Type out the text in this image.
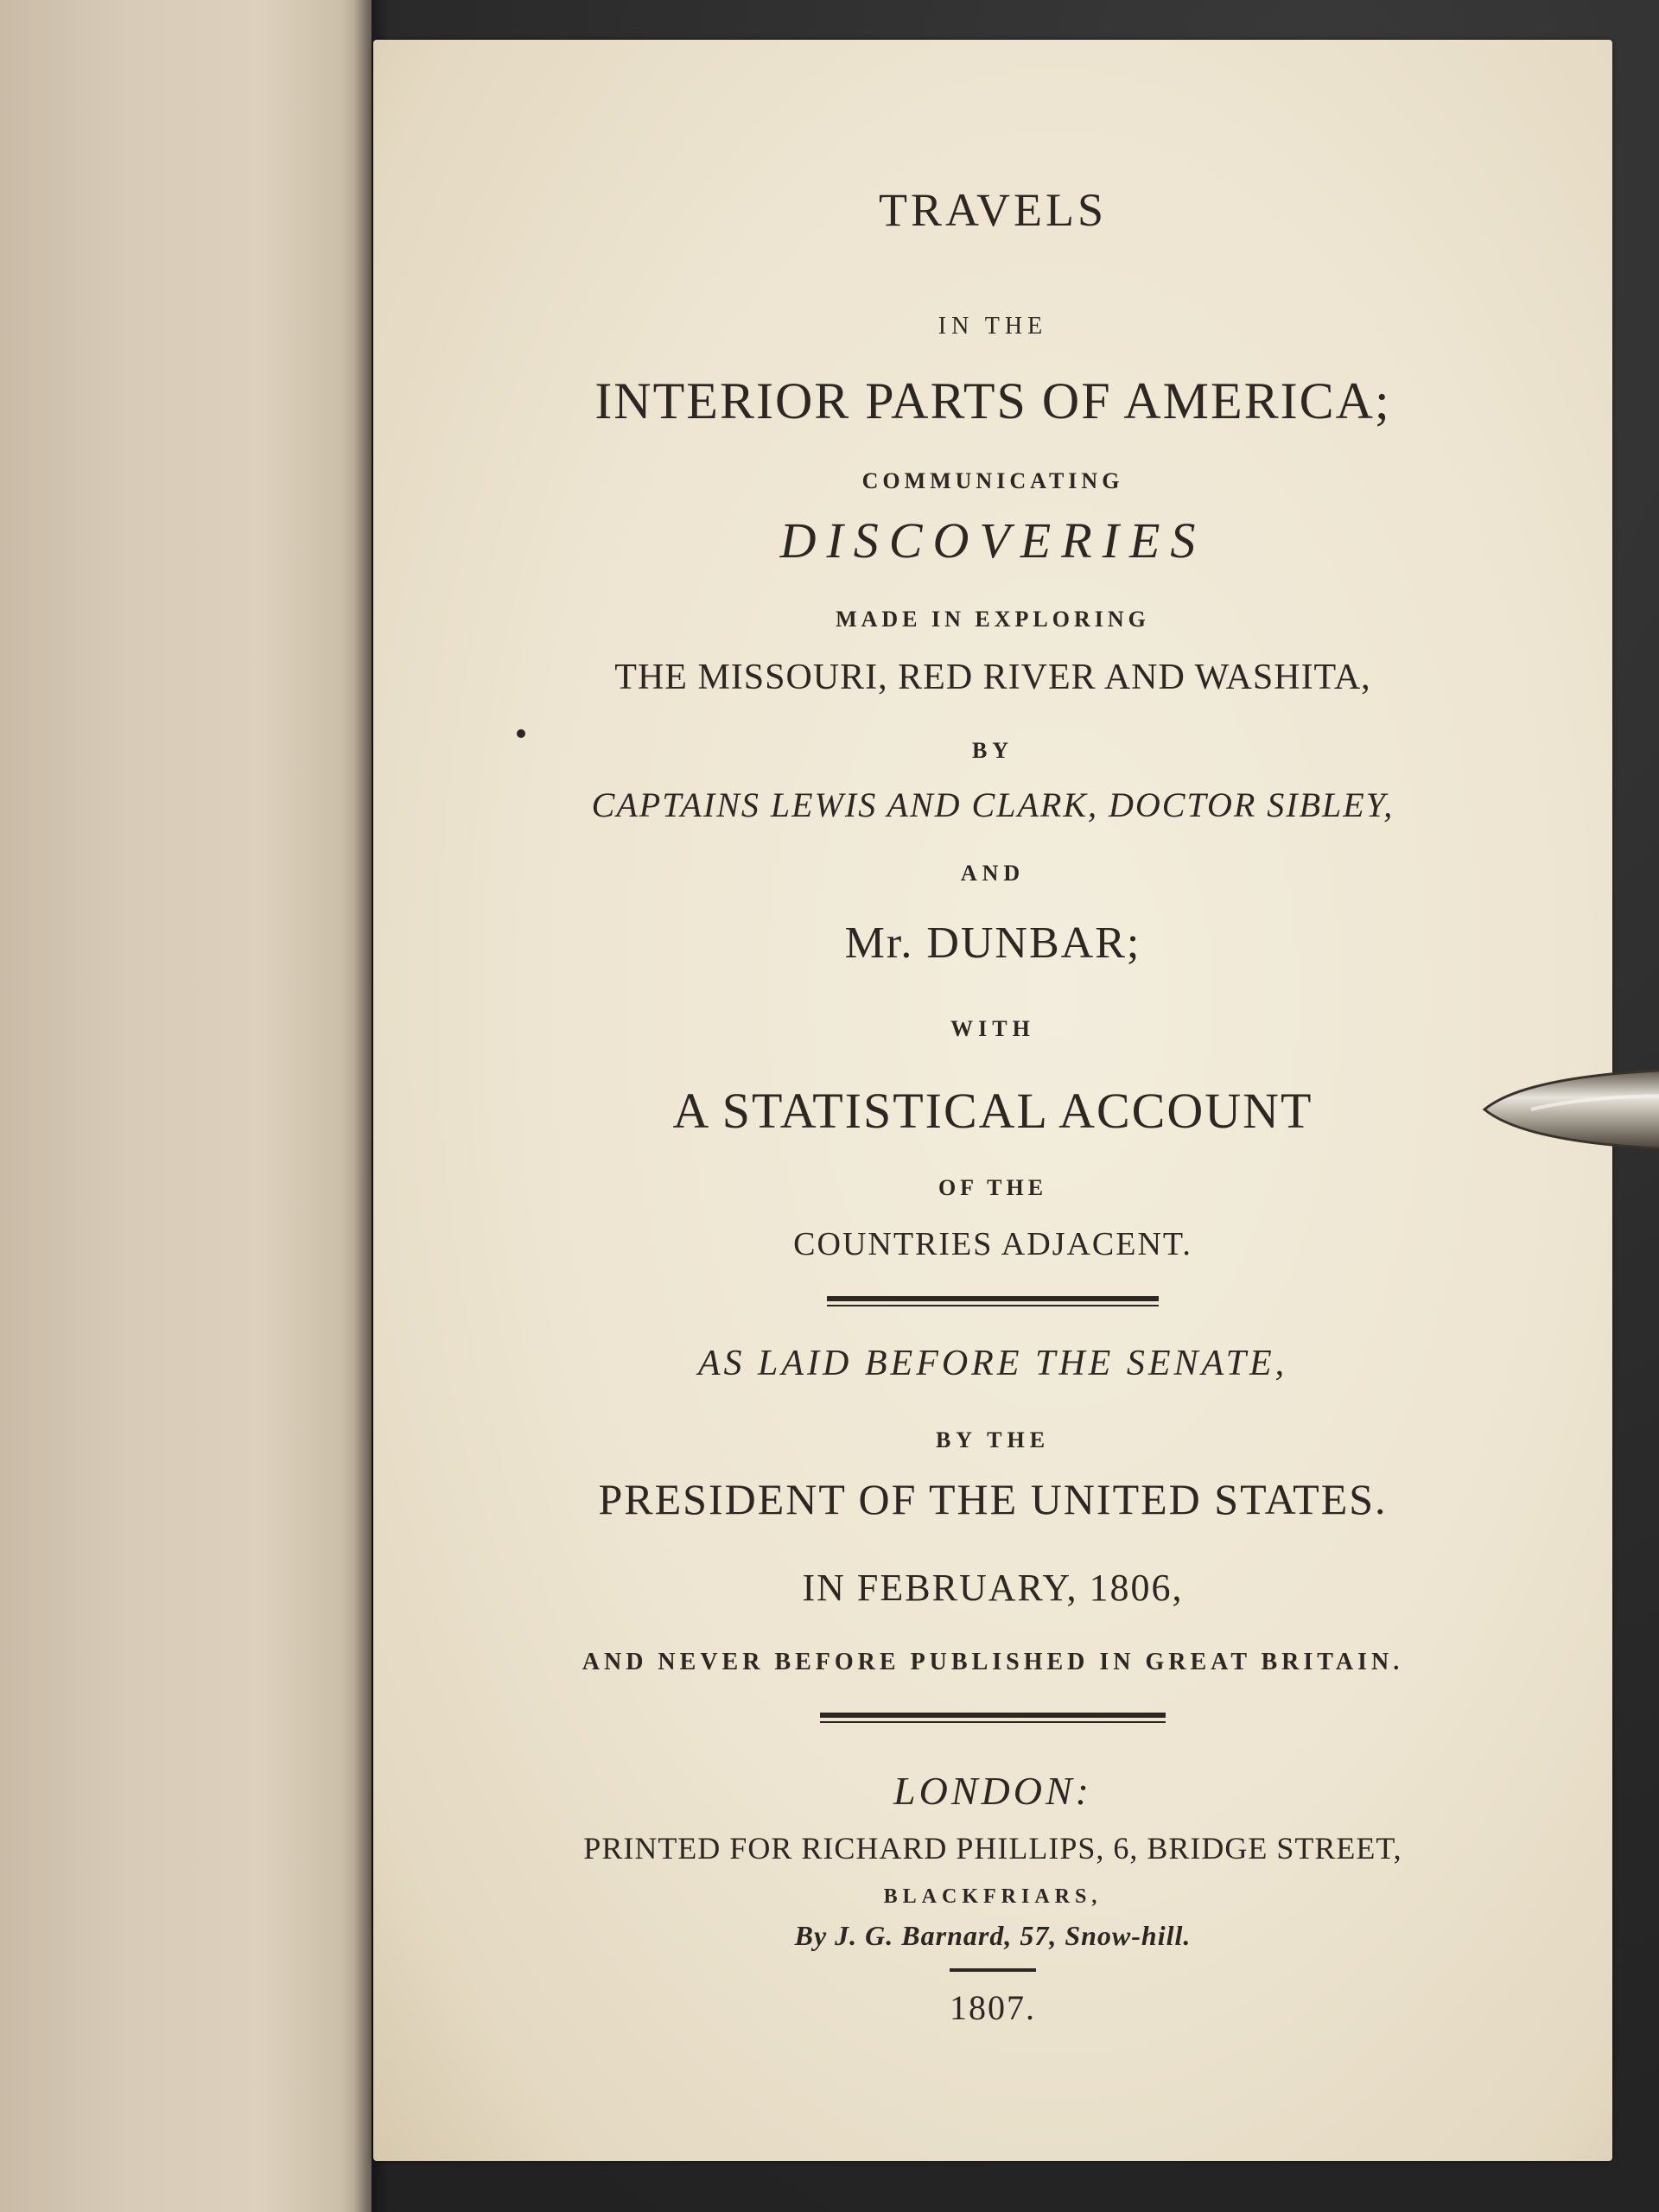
TRAVELS
IN THE
INTERIOR PARTS OF AMERICA;
COMMUNICATING
DISCOVERIES
MADE IN EXPLORING
THE MISSOURI, RED RIVER AND WASHITA,
BY
CAPTAINS LEWIS AND CLARK, DOCTOR SIBLEY,
AND
Mr. DUNBAR;
WITH
A STATISTICAL ACCOUNT
OF THE
COUNTRIES ADJACENT.
AS LAID BEFORE THE SENATE,
BY THE
PRESIDENT OF THE UNITED STATES.
IN FEBRUARY, 1806,
AND NEVER BEFORE PUBLISHED IN GREAT BRITAIN.
LONDON:
PRINTED FOR RICHARD PHILLIPS, 6, BRIDGE STREET,
BLACKFRIARS,
By J. G. Barnard, 57, Snow-hill.
1807.
